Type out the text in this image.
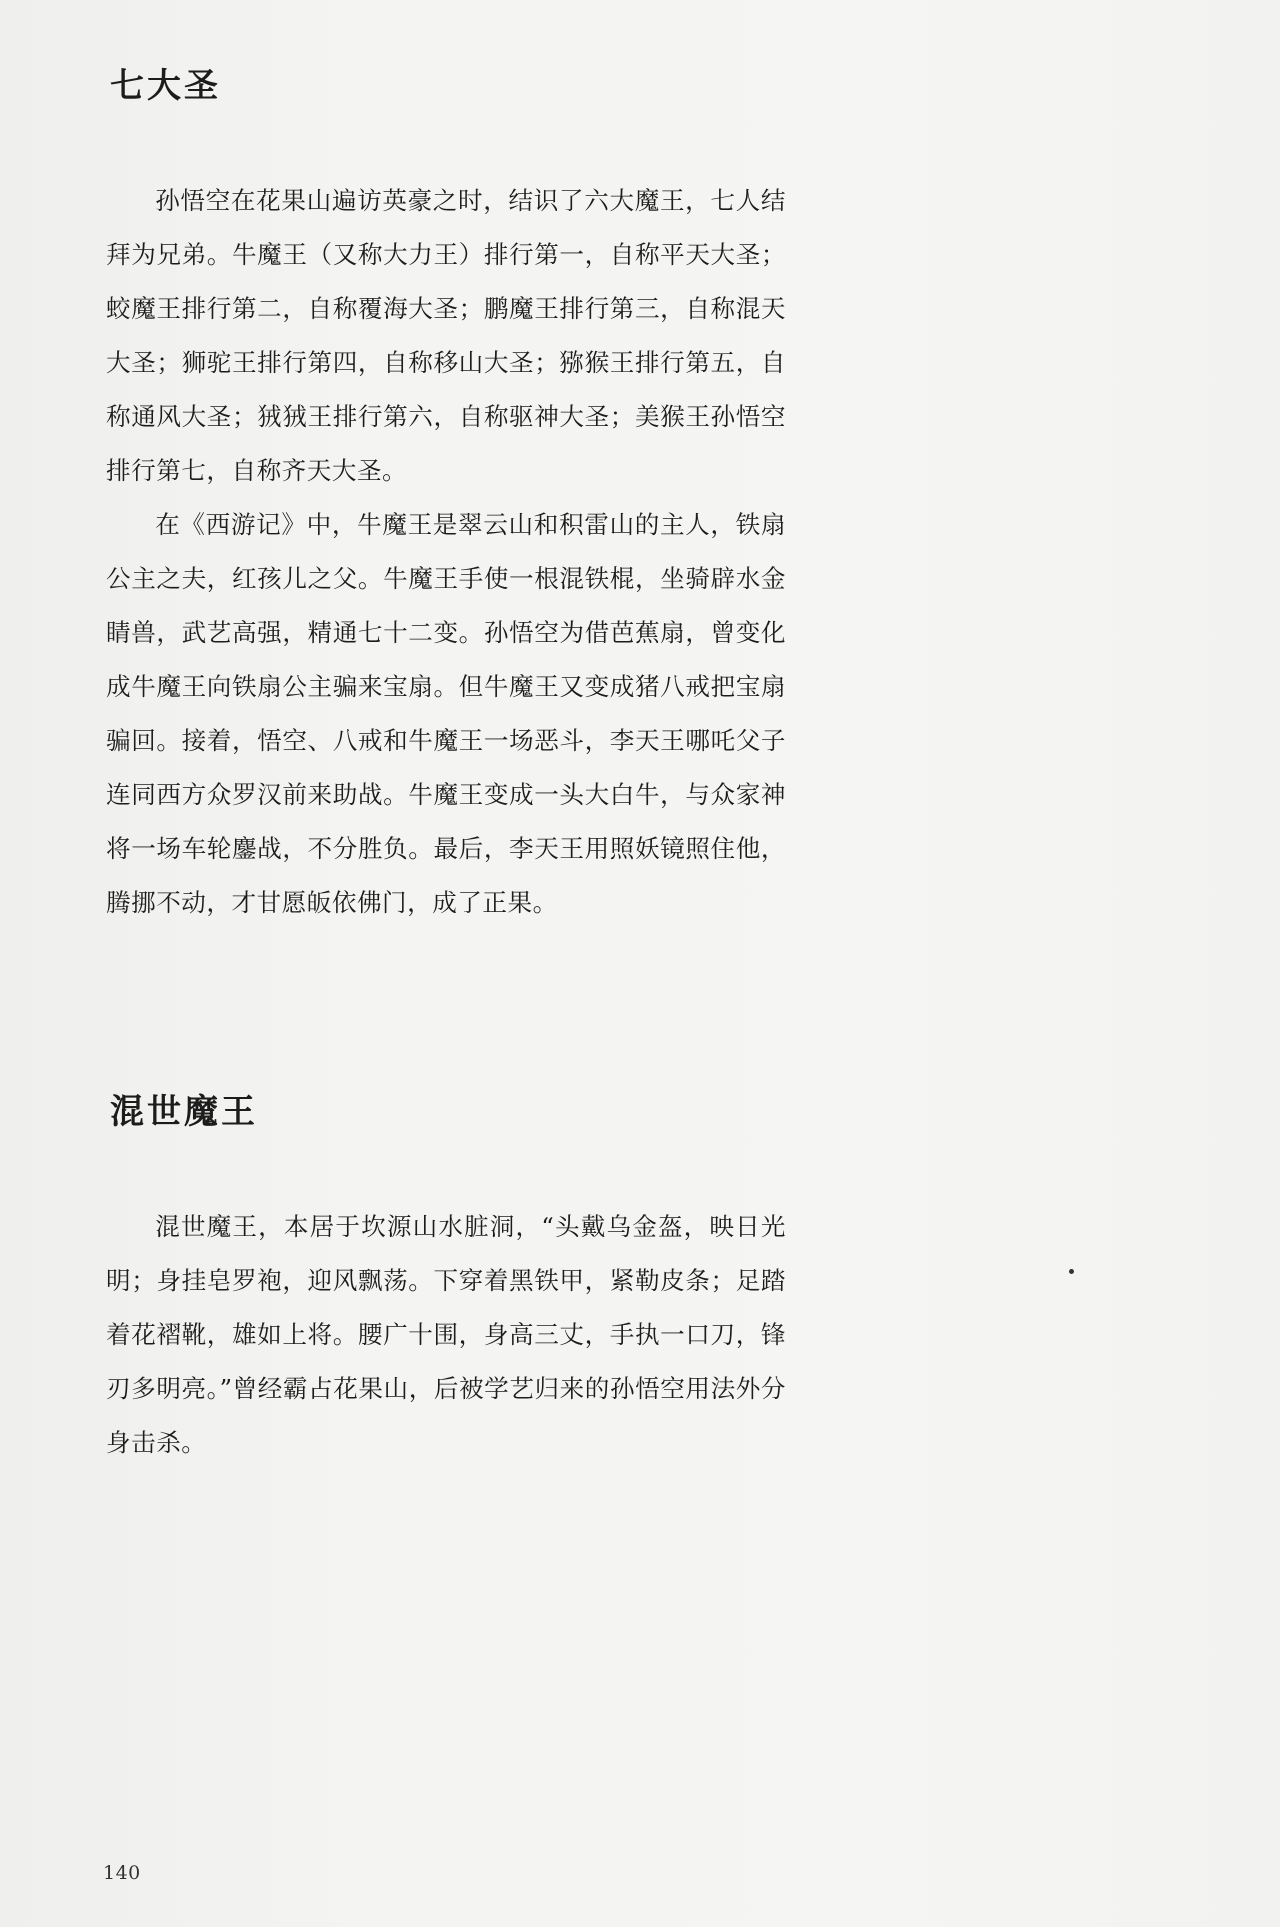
七大圣

孙悟空在花果山遍访英豪之时，结识了六大魔王，七人结拜为兄弟。牛魔王（又称大力王）排行第一，自称平天大圣；蛟魔王排行第二，自称覆海大圣；鹏魔王排行第三，自称混天大圣；狮驼王排行第四，自称移山大圣；猕猴王排行第五，自称通风大圣；狨狨王排行第六，自称驱神大圣；美猴王孙悟空排行第七，自称齐天大圣。

在《西游记》中，牛魔王是翠云山和积雷山的主人，铁扇公主之夫，红孩儿之父。牛魔王手使一根混铁棍，坐骑辟水金睛兽，武艺高强，精通七十二变。孙悟空为借芭蕉扇，曾变化成牛魔王向铁扇公主骗来宝扇。但牛魔王又变成猪八戒把宝扇骗回。接着，悟空、八戒和牛魔王一场恶斗，李天王哪吒父子连同西方众罗汉前来助战。牛魔王变成一头大白牛，与众家神将一场车轮鏖战，不分胜负。最后，李天王用照妖镜照住他，腾挪不动，才甘愿皈依佛门，成了正果。

混世魔王

混世魔王，本居于坎源山水脏洞，“头戴乌金盔，映日光明；身挂皂罗袍，迎风飘荡。下穿着黑铁甲，紧勒皮条；足踏着花褶靴，雄如上将。腰广十围，身高三丈，手执一口刀，锋刃多明亮。”曾经霸占花果山，后被学艺归来的孙悟空用法外分身击杀。

140
